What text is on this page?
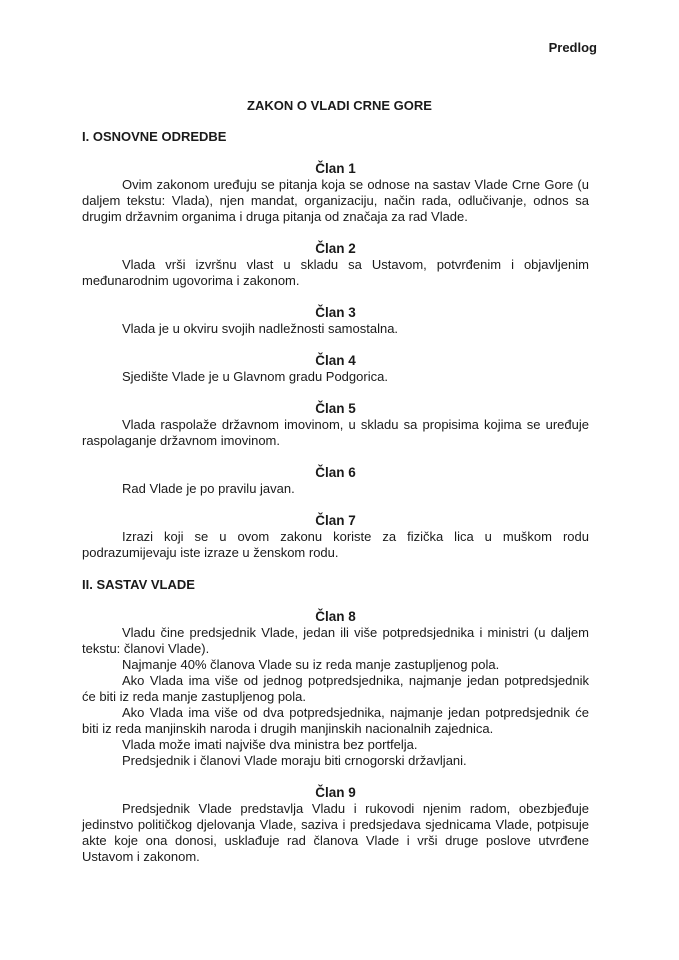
Predlog
ZAKON O VLADI CRNE GORE
I. OSNOVNE ODREDBE
Član 1

Ovim zakonom uređuju se pitanja koja se odnose na sastav Vlade Crne Gore (u daljem tekstu: Vlada), njen mandat, organizaciju, način rada, odlučivanje, odnos sa drugim državnim organima i druga pitanja od značaja za rad Vlade.

Član 2

Vlada vrši izvršnu vlast u skladu sa Ustavom, potvrđenim i objavljenim međunarodnim ugovorima i zakonom.

Član 3

Vlada je u okviru svojih nadležnosti samostalna.

Član 4

Sjedište Vlade je u Glavnom gradu Podgorica.

Član 5

Vlada raspolaže državnom imovinom, u skladu sa propisima kojima se uređuje raspolaganje državnom imovinom.

Član 6

Rad Vlade je po pravilu javan.

Član 7

Izrazi koji se u ovom zakonu koriste za fizička lica u muškom rodu podrazumijevaju iste izraze u ženskom rodu.

II. SASTAV VLADE
Član 8

Vladu čine predsjednik Vlade, jedan ili više potpredsjednika i ministri (u daljem tekstu: članovi Vlade).

Najmanje 40% članova Vlade su iz reda manje zastupljenog pola.

Ako Vlada ima više od jednog potpredsjednika, najmanje jedan potpredsjednik će biti iz reda manje zastupljenog pola.

Ako Vlada ima više od dva potpredsjednika, najmanje jedan potpredsjednik će biti iz reda manjinskih naroda i drugih manjinskih nacionalnih zajednica.

Vlada može imati najviše dva ministra bez portfelja.

Predsjednik i članovi Vlade moraju biti crnogorski državljani.

Član 9

Predsjednik Vlade predstavlja Vladu i rukovodi njenim radom, obezbjeđuje jedinstvo političkog djelovanja Vlade, saziva i predsjedava sjednicama Vlade, potpisuje akte koje ona donosi, usklađuje rad članova Vlade i vrši druge poslove utvrđene Ustavom i zakonom.
